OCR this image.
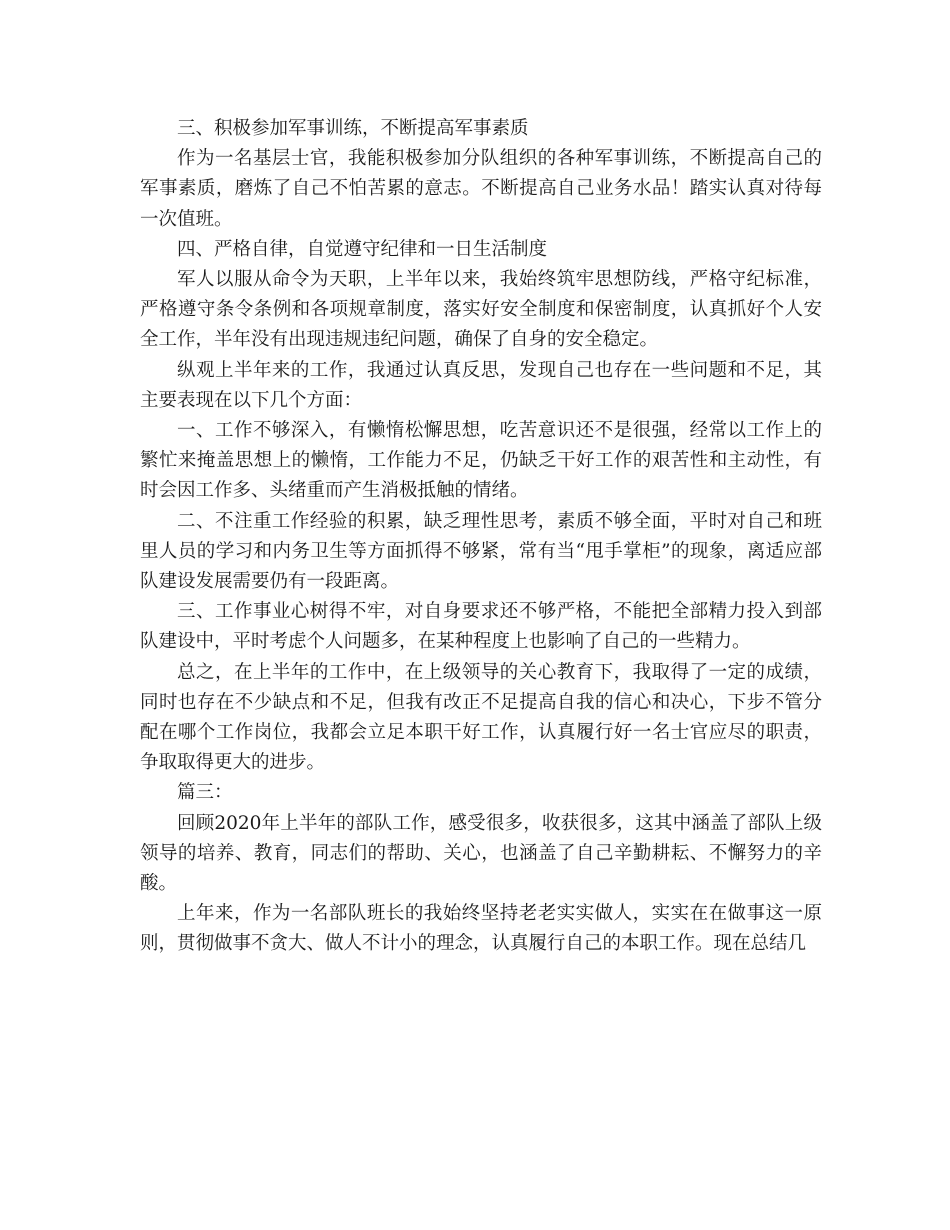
三、积极参加军事训练，不断提高军事素质

作为一名基层士官，我能积极参加分队组织的各种军事训练，不断提高自己的军事素质，磨炼了自己不怕苦累的意志。不断提高自己业务水品！踏实认真对待每一次值班。

四、严格自律，自觉遵守纪律和一日生活制度

军人以服从命令为天职，上半年以来，我始终筑牢思想防线，严格守纪标准，严格遵守条令条例和各项规章制度，落实好安全制度和保密制度，认真抓好个人安全工作，半年没有出现违规违纪问题，确保了自身的安全稳定。

纵观上半年来的工作，我通过认真反思，发现自己也存在一些问题和不足，其主要表现在以下几个方面：

一、工作不够深入，有懒惰松懈思想，吃苦意识还不是很强，经常以工作上的繁忙来掩盖思想上的懒惰，工作能力不足，仍缺乏干好工作的艰苦性和主动性，有时会因工作多、头绪重而产生消极抵触的情绪。

二、不注重工作经验的积累，缺乏理性思考，素质不够全面，平时对自己和班里人员的学习和内务卫生等方面抓得不够紧，常有当“甩手掌柜”的现象，离适应部队建设发展需要仍有一段距离。

三、工作事业心树得不牢，对自身要求还不够严格，不能把全部精力投入到部队建设中，平时考虑个人问题多，在某种程度上也影响了自己的一些精力。

总之，在上半年的工作中，在上级领导的关心教育下，我取得了一定的成绩，同时也存在不少缺点和不足，但我有改正不足提高自我的信心和决心，下步不管分配在哪个工作岗位，我都会立足本职干好工作，认真履行好一名士官应尽的职责，争取取得更大的进步。

篇三：

回顾2020年上半年的部队工作，感受很多，收获很多，这其中涵盖了部队上级领导的培养、教育，同志们的帮助、关心，也涵盖了自己辛勤耕耘、不懈努力的辛酸。

上年来，作为一名部队班长的我始终坚持老老实实做人，实实在在做事这一原则，贯彻做事不贪大、做人不计小的理念，认真履行自己的本职工作。现在总结几
